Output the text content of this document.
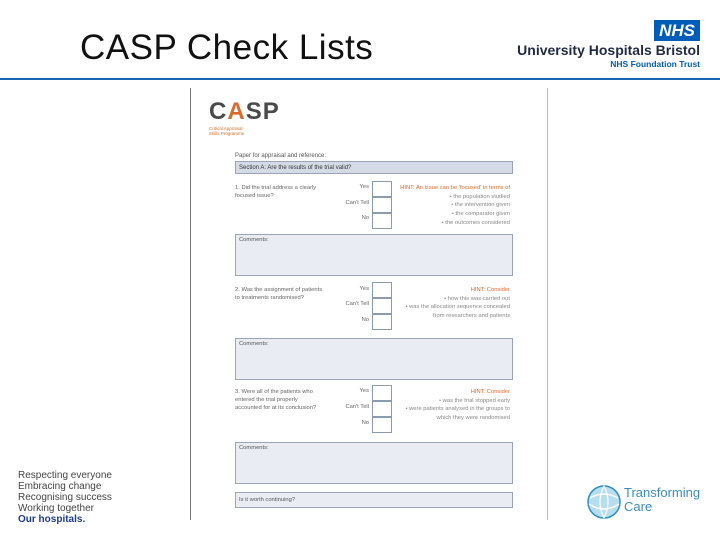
CASP Check Lists	NHS
University Hospitals Bristol
NHS Foundation Trust
CASP
Critical Appraisal
Skills Programme
Paper for appraisal and reference:
Section A: Are the results of the trial valid?
1. Did the trial address a clearly focused issue?
Yes
Can't Tell
No
HINT: An issue can be 'focused' in terms of
• the population studied
• the intervention given
• the comparator given
• the outcomes considered
Comments:
2. Was the assignment of patients to treatments randomised?
Yes
Can't Tell
No
HINT: Consider
• how this was carried out
• was the allocation sequence concealed
from researchers and patients
Comments:
3. Were all of the patients who entered the trial properly accounted for at its conclusion?
Yes
Can't Tell
No
HINT: Consider
• was the trial stopped early
• were patients analysed in the groups to
which they were randomised
Comments:
Is it worth continuing?
Respecting everyone
Embracing change
Recognising success
Working together
Our hospitals.
Transforming
Care
